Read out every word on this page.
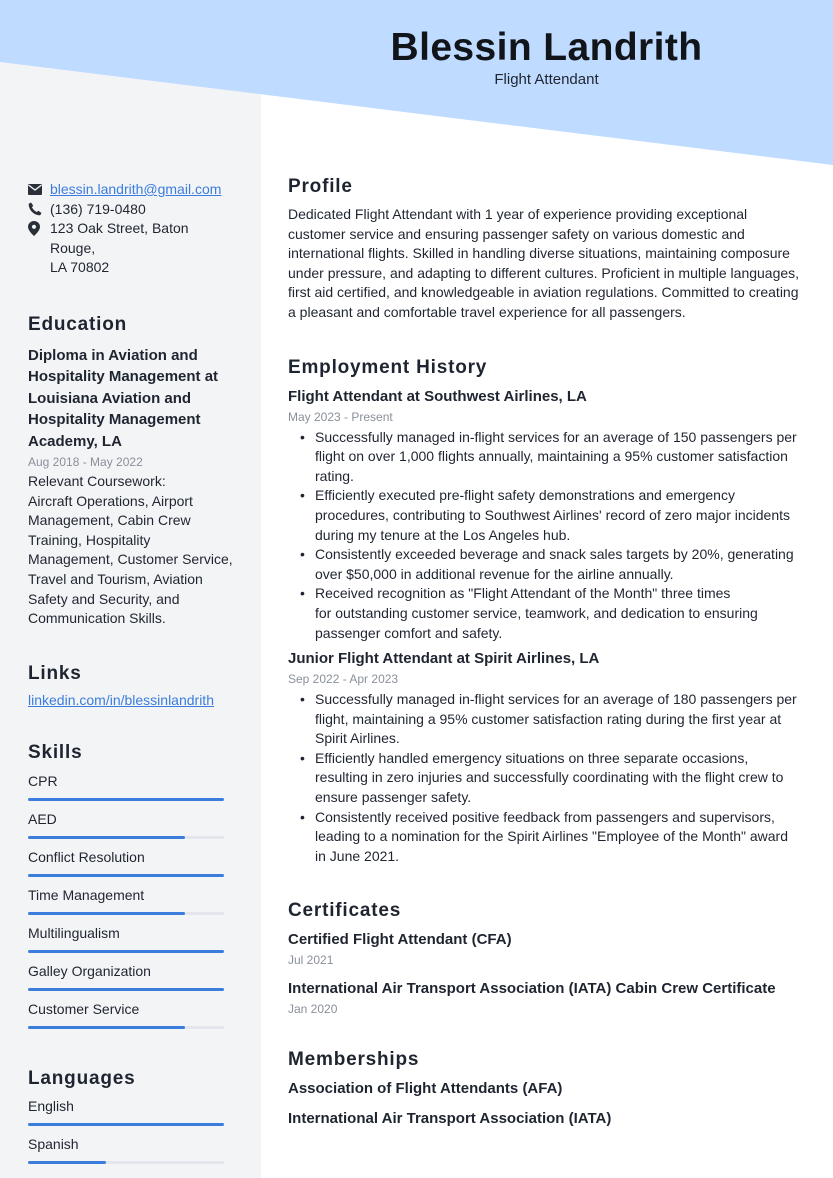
Blessin Landrith
Flight Attendant
blessin.landrith@gmail.com
(136) 719-0480
123 Oak Street, Baton Rouge,
LA 70802
Education
Diploma in Aviation and
Hospitality Management at
Louisiana Aviation and
Hospitality Management
Academy, LA
Aug 2018 - May 2022
Relevant Coursework:
Aircraft Operations, Airport
Management, Cabin Crew
Training, Hospitality
Management, Customer Service,
Travel and Tourism, Aviation
Safety and Security, and
Communication Skills.
Links
linkedin.com/in/blessinlandrith
Skills
CPR
AED
Conflict Resolution
Time Management
Multilingualism
Galley Organization
Customer Service
Languages
English
Spanish
Profile
Dedicated Flight Attendant with 1 year of experience providing exceptional
customer service and ensuring passenger safety on various domestic and
international flights. Skilled in handling diverse situations, maintaining composure
under pressure, and adapting to different cultures. Proficient in multiple languages,
first aid certified, and knowledgeable in aviation regulations. Committed to creating
a pleasant and comfortable travel experience for all passengers.
Employment History
Flight Attendant at Southwest Airlines, LA
May 2023 - Present
• Successfully managed in-flight services for an average of 150 passengers per
flight on over 1,000 flights annually, maintaining a 95% customer satisfaction
rating.
• Efficiently executed pre-flight safety demonstrations and emergency
procedures, contributing to Southwest Airlines' record of zero major incidents
during my tenure at the Los Angeles hub.
• Consistently exceeded beverage and snack sales targets by 20%, generating
over $50,000 in additional revenue for the airline annually.
• Received recognition as "Flight Attendant of the Month" three times
for outstanding customer service, teamwork, and dedication to ensuring
passenger comfort and safety.
Junior Flight Attendant at Spirit Airlines, LA
Sep 2022 - Apr 2023
• Successfully managed in-flight services for an average of 180 passengers per
flight, maintaining a 95% customer satisfaction rating during the first year at
Spirit Airlines.
• Efficiently handled emergency situations on three separate occasions,
resulting in zero injuries and successfully coordinating with the flight crew to
ensure passenger safety.
• Consistently received positive feedback from passengers and supervisors,
leading to a nomination for the Spirit Airlines "Employee of the Month" award
in June 2021.
Certificates
Certified Flight Attendant (CFA)
Jul 2021
International Air Transport Association (IATA) Cabin Crew Certificate
Jan 2020
Memberships
Association of Flight Attendants (AFA)
International Air Transport Association (IATA)
